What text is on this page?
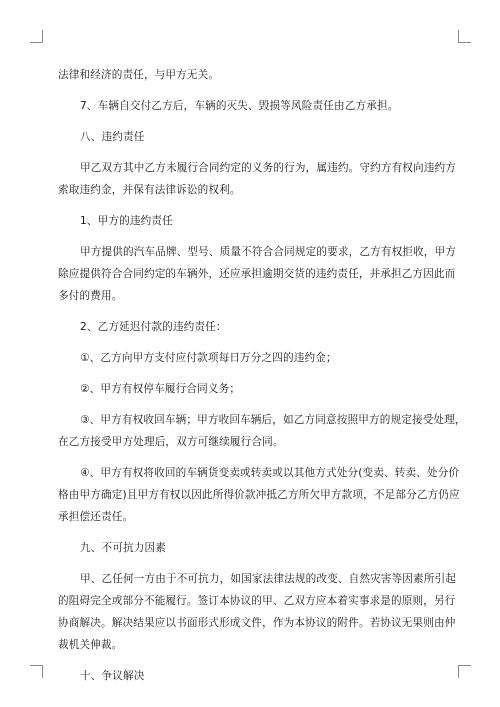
法律和经济的责任，与甲方无关。
7、车辆自交付乙方后，车辆的灭失、毁损等风险责任由乙方承担。
八、违约责任
甲乙双方其中乙方未履行合同约定的义务的行为，属违约。守约方有权向违约方
索取违约金，并保有法律诉讼的权利。
1、甲方的违约责任
甲方提供的汽车品牌、型号、质量不符合合同规定的要求，乙方有权拒收，甲方
除应提供符合合同约定的车辆外，还应承担逾期交货的违约责任，并承担乙方因此而
多付的费用。
2、乙方延迟付款的违约责任：
①、乙方向甲方支付应付款项每日万分之四的违约金；
②、甲方有权停车履行合同义务；
③、甲方有权收回车辆；甲方收回车辆后，如乙方同意按照甲方的规定接受处理，
在乙方接受甲方处理后，双方可继续履行合同。
④、甲方有权将收回的车辆货变卖或转卖或以其他方式处分(变卖、转卖、处分价
格由甲方确定)且甲方有权以因此所得价款冲抵乙方所欠甲方款项，不足部分乙方仍应
承担偿还责任。
九、不可抗力因素
甲、乙任何一方由于不可抗力，如国家法律法规的改变、自然灾害等因素所引起
的阻碍完全或部分不能履行。签订本协议的甲、乙双方应本着实事求是的原则，另行
协商解决。解决结果应以书面形式形成文件，作为本协议的附件。若协议无果则由仲
裁机关伸裁。
十、争议解决
